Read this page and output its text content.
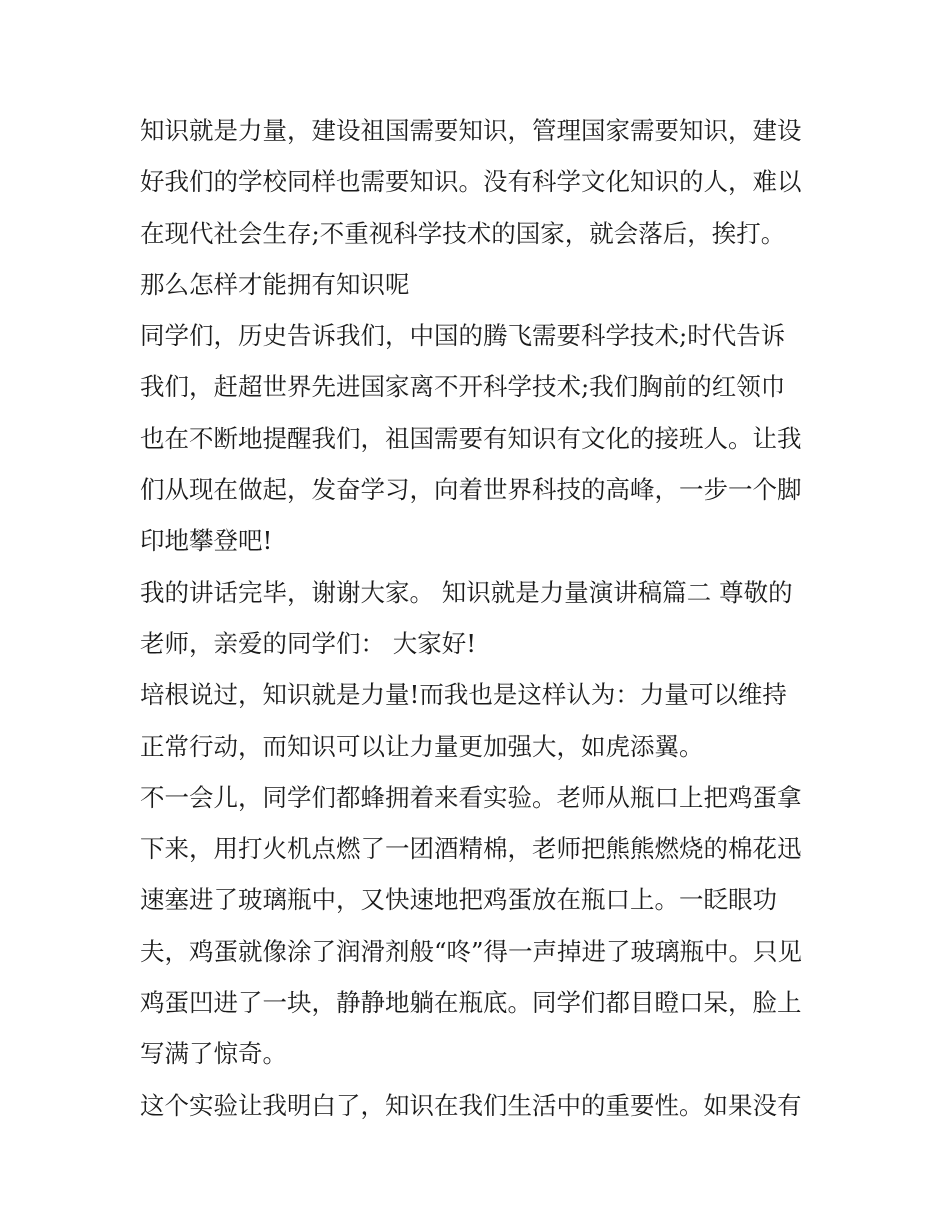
知识就是力量，建设祖国需要知识，管理国家需要知识，建设
好我们的学校同样也需要知识。没有科学文化知识的人，难以
在现代社会生存;不重视科学技术的国家，就会落后，挨打。
那么怎样才能拥有知识呢
同学们，历史告诉我们，中国的腾飞需要科学技术;时代告诉
我们，赶超世界先进国家离不开科学技术;我们胸前的红领巾
也在不断地提醒我们，祖国需要有知识有文化的接班人。让我
们从现在做起，发奋学习，向着世界科技的高峰，一步一个脚
印地攀登吧!
我的讲话完毕，谢谢大家。 知识就是力量演讲稿篇二 尊敬的
老师，亲爱的同学们： 大家好!
培根说过，知识就是力量!而我也是这样认为：力量可以维持
正常行动，而知识可以让力量更加强大，如虎添翼。
不一会儿，同学们都蜂拥着来看实验。老师从瓶口上把鸡蛋拿
下来，用打火机点燃了一团酒精棉，老师把熊熊燃烧的棉花迅
速塞进了玻璃瓶中，又快速地把鸡蛋放在瓶口上。一眨眼功
夫，鸡蛋就像涂了润滑剂般“咚”得一声掉进了玻璃瓶中。只见
鸡蛋凹进了一块，静静地躺在瓶底。同学们都目瞪口呆，脸上
写满了惊奇。
这个实验让我明白了，知识在我们生活中的重要性。如果没有
